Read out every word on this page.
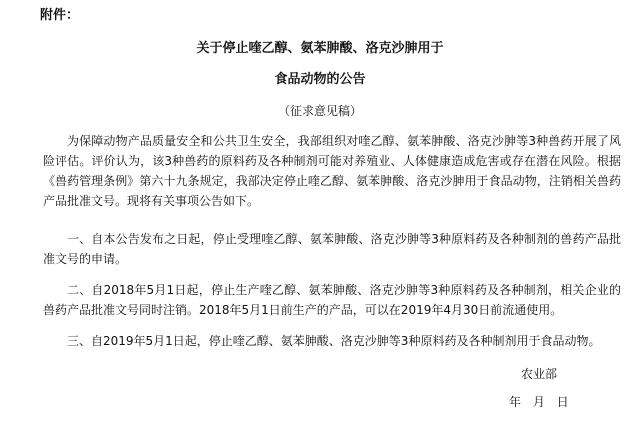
附件：
关于停止喹乙醇、氨苯胂酸、洛克沙胂用于
食品动物的公告
（征求意见稿）

为保障动物产品质量安全和公共卫生安全，我部组织对喹乙醇、氨苯胂酸、洛克沙胂等3种兽药开展了风险评估。评价认为，该3种兽药的原料药及各种制剂可能对养殖业、人体健康造成危害或存在潜在风险。根据《兽药管理条例》第六十九条规定，我部决定停止喹乙醇、氨苯胂酸、洛克沙胂用于食品动物，注销相关兽药产品批准文号。现将有关事项公告如下。

一、自本公告发布之日起，停止受理喹乙醇、氨苯胂酸、洛克沙胂等3种原料药及各种制剂的兽药产品批准文号的申请。

二、自2018年5月1日起，停止生产喹乙醇、氨苯胂酸、洛克沙胂等3种原料药及各种制剂，相关企业的兽药产品批准文号同时注销。2018年5月1日前生产的产品，可以在2019年4月30日前流通使用。

三、自2019年5月1日起，停止喹乙醇、氨苯胂酸、洛克沙胂等3种原料药及各种制剂用于食品动物。

农业部
年 月 日
